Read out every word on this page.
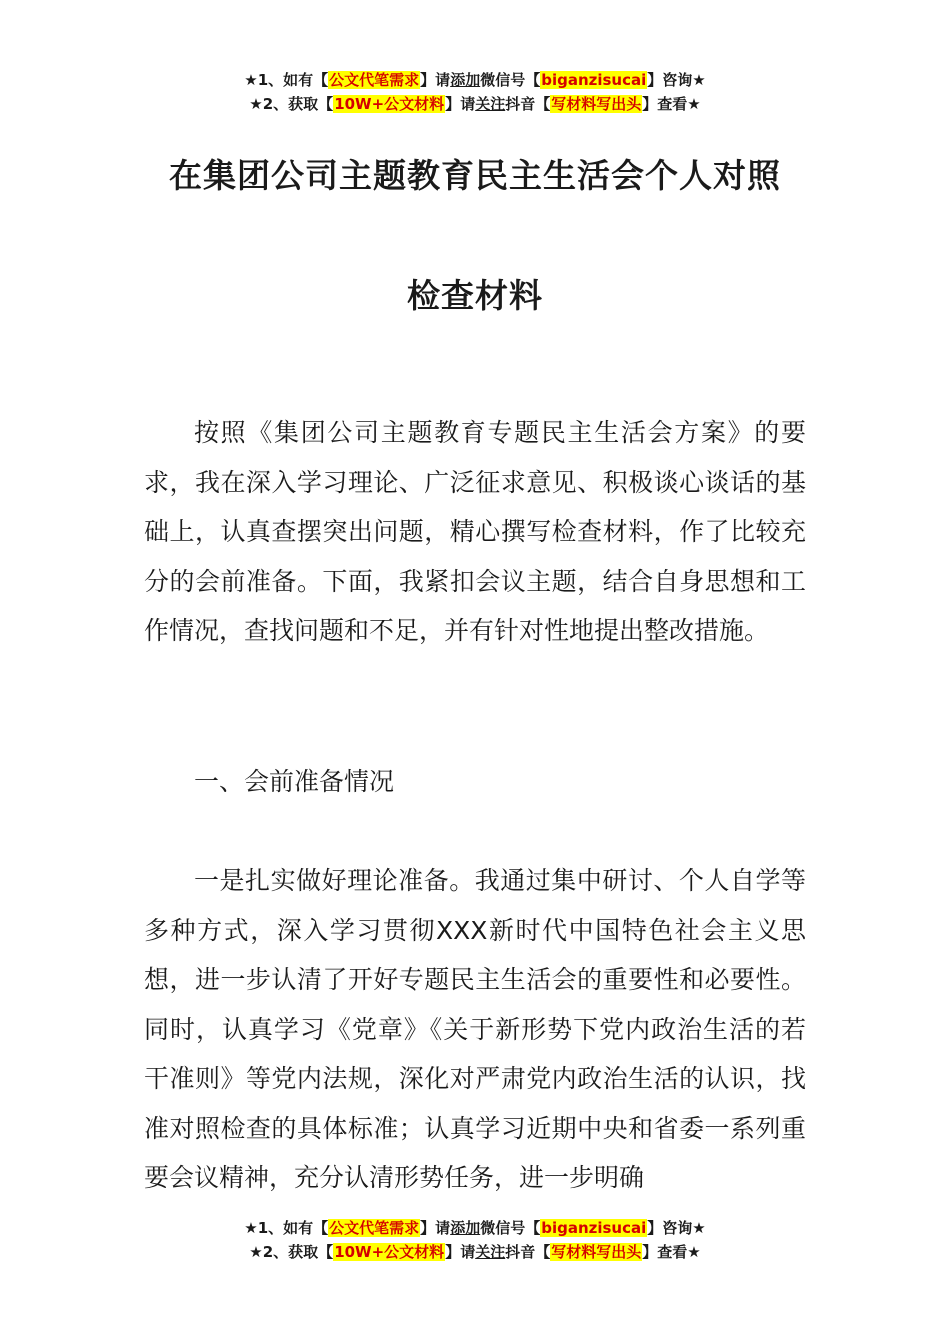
★1、如有【公文代笔需求】请添加微信号【biganzisucai】咨询★
★2、获取【10W+公文材料】请关注抖音【写材料写出头】查看★
在集团公司主题教育民主生活会个人对照
检查材料

按照《集团公司主题教育专题民主生活会方案》的要求，我在深入学习理论、广泛征求意见、积极谈心谈话的基础上，认真查摆突出问题，精心撰写检查材料，作了比较充分的会前准备。下面，我紧扣会议主题，结合自身思想和工作情况，查找问题和不足，并有针对性地提出整改措施。

一、会前准备情况

一是扎实做好理论准备。我通过集中研讨、个人自学等多种方式，深入学习贯彻XXX新时代中国特色社会主义思想，进一步认清了开好专题民主生活会的重要性和必要性。同时，认真学习《党章》《关于新形势下党内政治生活的若干准则》等党内法规，深化对严肃党内政治生活的认识，找准对照检查的具体标准；认真学习近期中央和省委一系列重要会议精神，充分认清形势任务，进一步明确

★1、如有【公文代笔需求】请添加微信号【biganzisucai】咨询★
★2、获取【10W+公文材料】请关注抖音【写材料写出头】查看★
